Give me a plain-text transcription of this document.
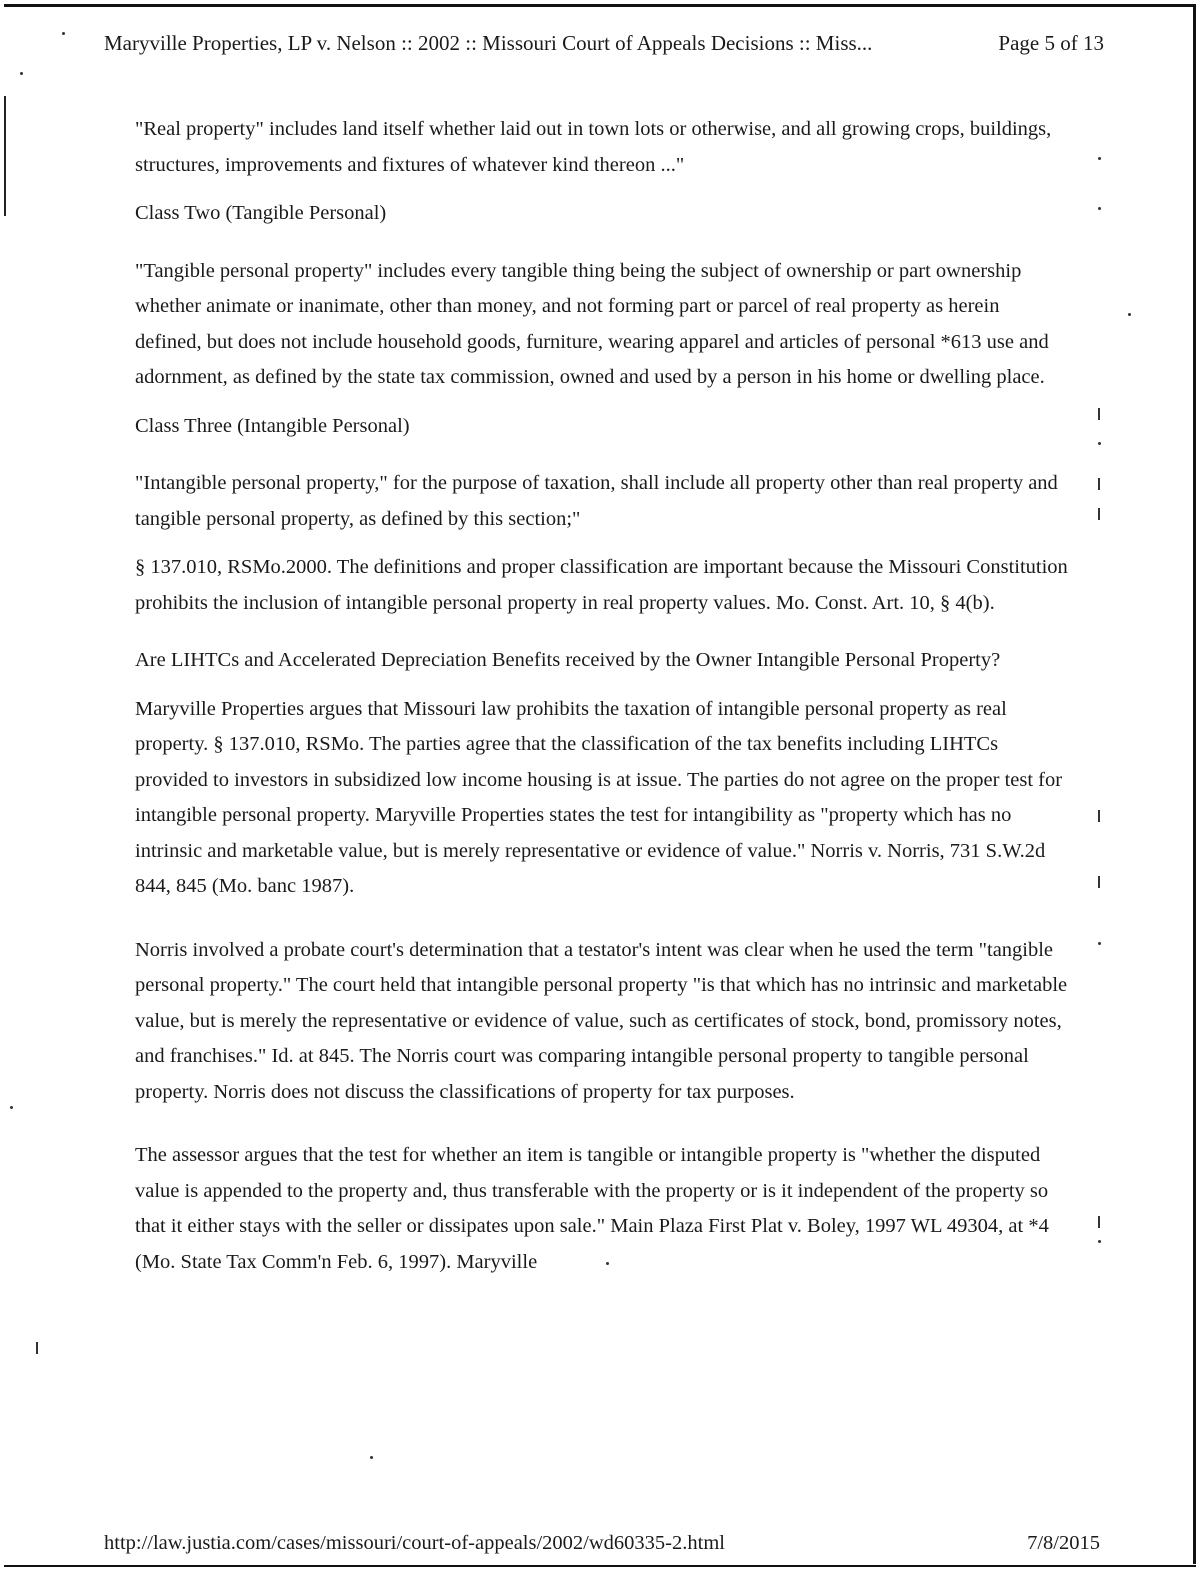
Maryville Properties, LP v. Nelson :: 2002 :: Missouri Court of Appeals Decisions :: Miss...	Page 5 of 13

"Real property" includes land itself whether laid out in town lots or otherwise, and all growing crops, buildings, structures, improvements and fixtures of whatever kind thereon ..."

Class Two (Tangible Personal)

"Tangible personal property" includes every tangible thing being the subject of ownership or part ownership whether animate or inanimate, other than money, and not forming part or parcel of real property as herein defined, but does not include household goods, furniture, wearing apparel and articles of personal *613 use and adornment, as defined by the state tax commission, owned and used by a person in his home or dwelling place.

Class Three (Intangible Personal)

"Intangible personal property," for the purpose of taxation, shall include all property other than real property and tangible personal property, as defined by this section;"

§ 137.010, RSMo.2000. The definitions and proper classification are important because the Missouri Constitution prohibits the inclusion of intangible personal property in real property values. Mo. Const. Art. 10, § 4(b).

Are LIHTCs and Accelerated Depreciation Benefits received by the Owner Intangible Personal Property?

Maryville Properties argues that Missouri law prohibits the taxation of intangible personal property as real property. § 137.010, RSMo. The parties agree that the classification of the tax benefits including LIHTCs provided to investors in subsidized low income housing is at issue. The parties do not agree on the proper test for intangible personal property. Maryville Properties states the test for intangibility as "property which has no intrinsic and marketable value, but is merely representative or evidence of value." Norris v. Norris, 731 S.W.2d 844, 845 (Mo. banc 1987).

Norris involved a probate court's determination that a testator's intent was clear when he used the term "tangible personal property." The court held that intangible personal property "is that which has no intrinsic and marketable value, but is merely the representative or evidence of value, such as certificates of stock, bond, promissory notes, and franchises." Id. at 845. The Norris court was comparing intangible personal property to tangible personal property. Norris does not discuss the classifications of property for tax purposes.

The assessor argues that the test for whether an item is tangible or intangible property is "whether the disputed value is appended to the property and, thus transferable with the property or is it independent of the property so that it either stays with the seller or dissipates upon sale." Main Plaza First Plat v. Boley, 1997 WL 49304, at *4 (Mo. State Tax Comm'n Feb. 6, 1997). Maryville

http://law.justia.com/cases/missouri/court-of-appeals/2002/wd60335-2.html	7/8/2015
